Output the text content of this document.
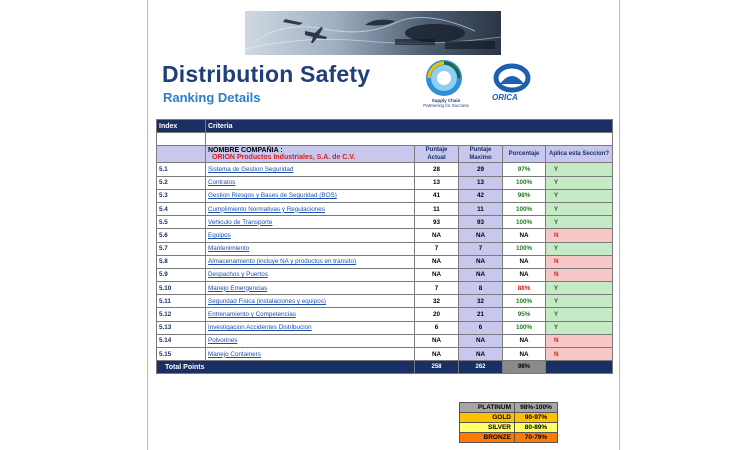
Distribution Safety
Ranking Details	Supply Chain
Partnering for Success
ORICA
Index	Criteria				

	NOMBRE COMPAÑIA :
ORION Productos Industriales, S.A. de C.V.	Puntaje Actual	Puntaje Maximo	Porcentaje	Aplica esta Seccion?
5.1	Sistema de Gestion Seguridad	28	29	97%	Y
5.2	Contratos	13	13	100%	Y
5.3	Gestion Riesgos y Bases de Seguridad (BOS)	41	42	98%	Y
5.4	Cumplimiento Normativas y Regulaciones	11	11	100%	Y
5.5	Vehiculo de Transporte	93	93	100%	Y
5.6	Equipos	NA	NA	NA	N
5.7	Mantenimiento	7	7	100%	Y
5.8	Almacenamiento (incluye NA y productos en transito)	NA	NA	NA	N
5.9	Despachos y Puertos	NA	NA	NA	N
5.10	Manejo Emergencias	7	8	88%	Y
5.11	Seguridad Fisica (instalaciones y equipos)	32	32	100%	Y
5.12	Entrenamiento y Competencias	20	21	95%	Y
5.13	Investigacion Accidentes Distribucion	6	6	100%	Y
5.14	Polvorines	NA	NA	NA	N
5.15	Manejo Containers	NA	NA	NA	N
Total Points		258	262	98%	
PLATINUM	98%-100%
GOLD	90-97%
SILVER	80-89%
BRONZE	70-79%
